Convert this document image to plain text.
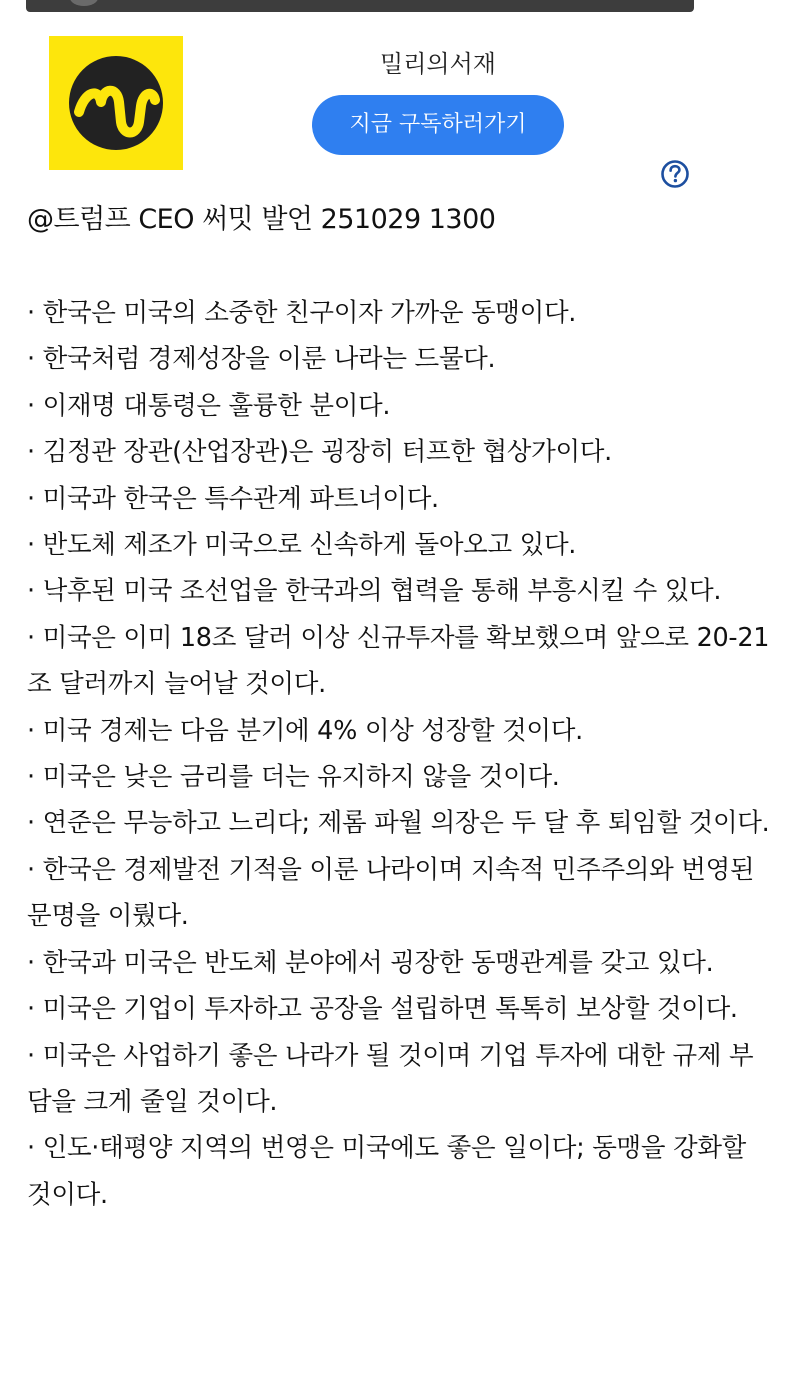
밀리의서재
지금 구독하러가기
@트럼프 CEO 써밋 발언 251029 1300
· 한국은 미국의 소중한 친구이자 가까운 동맹이다.
· 한국처럼 경제성장을 이룬 나라는 드물다.
· 이재명 대통령은 훌륭한 분이다.
· 김정관 장관(산업장관)은 굉장히 터프한 협상가이다.
· 미국과 한국은 특수관계 파트너이다.
· 반도체 제조가 미국으로 신속하게 돌아오고 있다.
· 낙후된 미국 조선업을 한국과의 협력을 통해 부흥시킬 수 있다.
· 미국은 이미 18조 달러 이상 신규투자를 확보했으며 앞으로 20-21조 달러까지 늘어날 것이다.
· 미국 경제는 다음 분기에 4% 이상 성장할 것이다.
· 미국은 낮은 금리를 더는 유지하지 않을 것이다.
· 연준은 무능하고 느리다; 제롬 파월 의장은 두 달 후 퇴임할 것이다.
· 한국은 경제발전 기적을 이룬 나라이며 지속적 민주주의와 번영된 문명을 이뤘다.
· 한국과 미국은 반도체 분야에서 굉장한 동맹관계를 갖고 있다.
· 미국은 기업이 투자하고 공장을 설립하면 톡톡히 보상할 것이다.
· 미국은 사업하기 좋은 나라가 될 것이며 기업 투자에 대한 규제 부담을 크게 줄일 것이다.
· 인도·태평양 지역의 번영은 미국에도 좋은 일이다; 동맹을 강화할 것이다.
